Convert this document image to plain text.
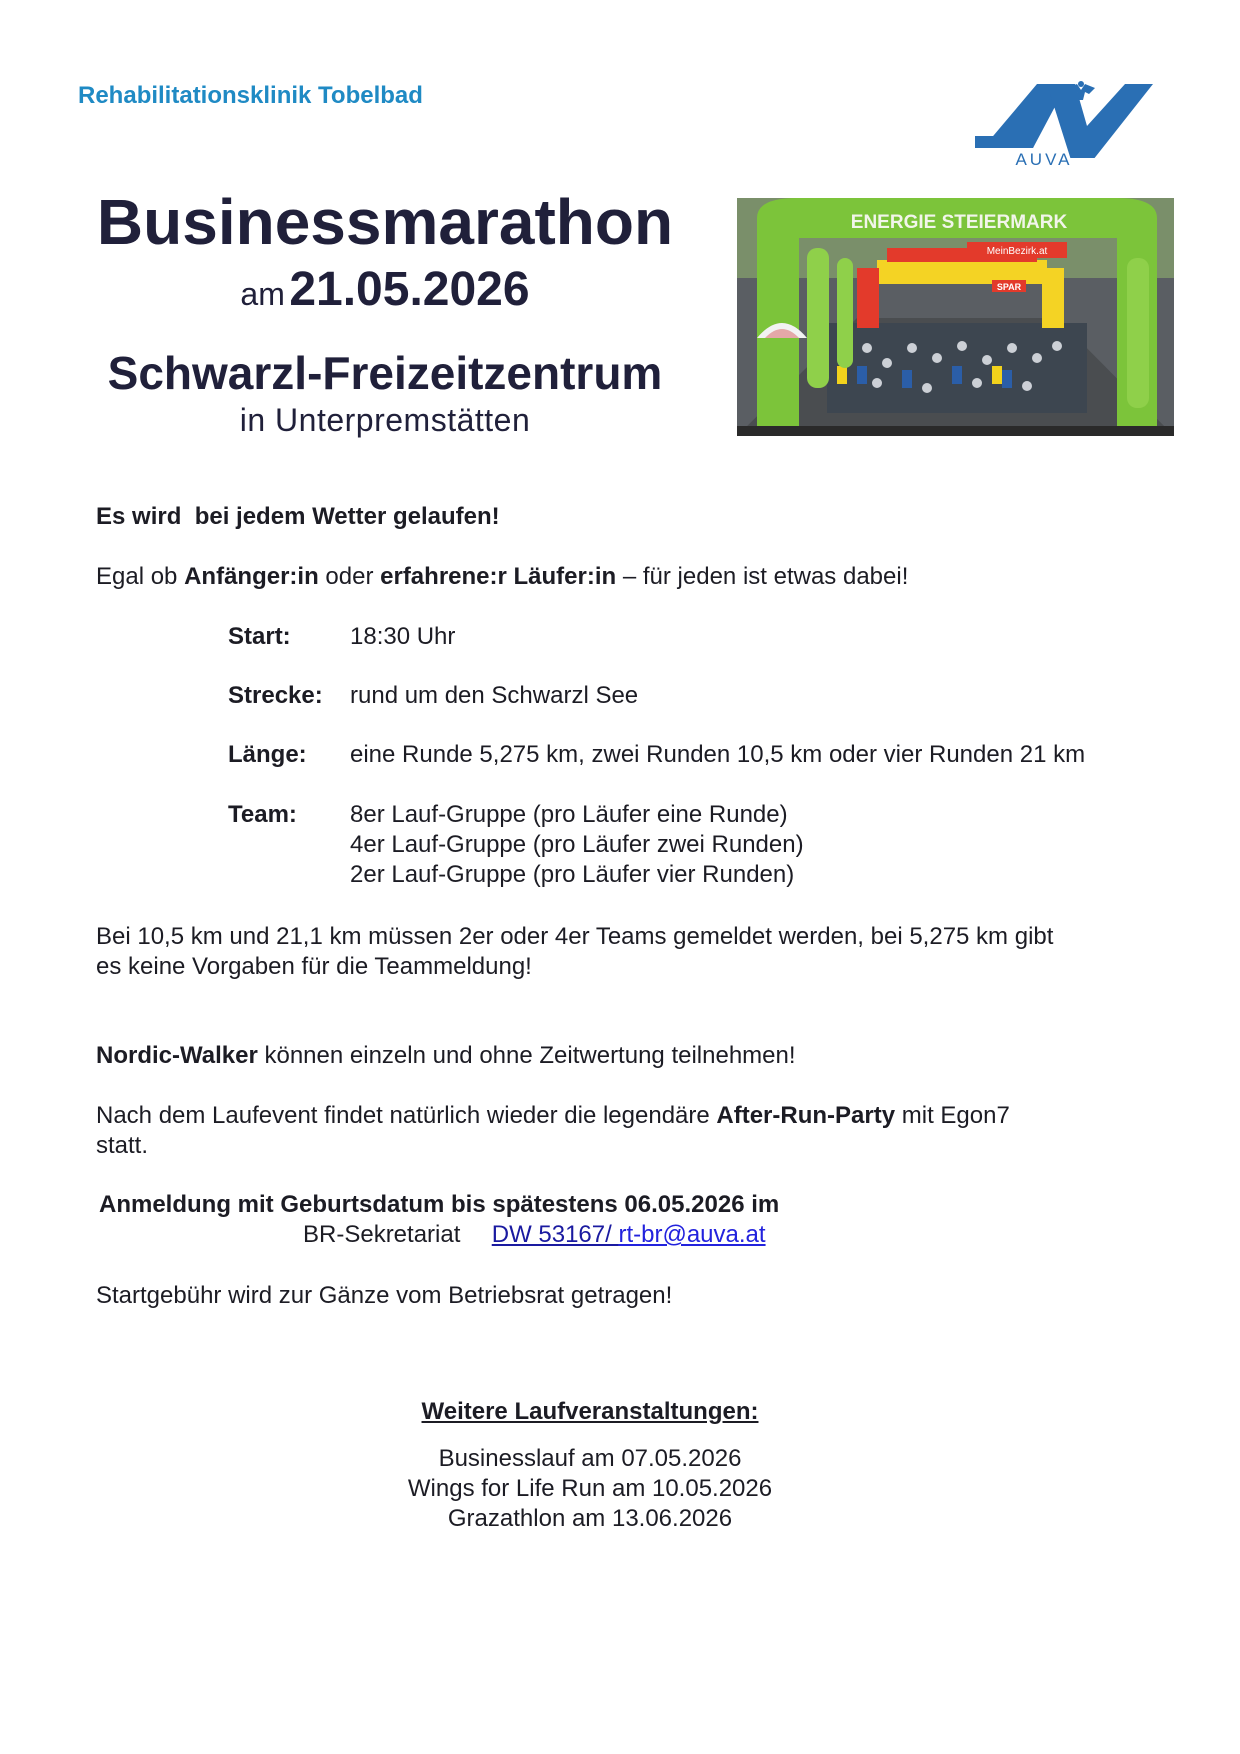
Rehabilitationsklinik Tobelbad
AUVA
Businessmarathon
am 21.05.2026
Schwarzl-Freizeitzentrum
in Unterpremstätten
ENERGIE STEIERMARK
MeinBezirk.at
SPAR
Es wird  bei jedem Wetter gelaufen!
Egal ob Anfänger:in oder erfahrene:r Läufer:in – für jeden ist etwas dabei!
Start: 18:30 Uhr
Strecke: rund um den Schwarzl See
Länge: eine Runde 5,275 km, zwei Runden 10,5 km oder vier Runden 21 km
Team: 8er Lauf-Gruppe (pro Läufer eine Runde)
4er Lauf-Gruppe (pro Läufer zwei Runden)
2er Lauf-Gruppe (pro Läufer vier Runden)
Bei 10,5 km und 21,1 km müssen 2er oder 4er Teams gemeldet werden, bei 5,275 km gibt
es keine Vorgaben für die Teammeldung!
Nordic-Walker können einzeln und ohne Zeitwertung teilnehmen!
Nach dem Laufevent findet natürlich wieder die legendäre After-Run-Party mit Egon7
statt.
Anmeldung mit Geburtsdatum bis spätestens 06.05.2026 im
BR-Sekretariat DW 53167/ rt-br@auva.at
Startgebühr wird zur Gänze vom Betriebsrat getragen!
Weitere Laufveranstaltungen:
Businesslauf am 07.05.2026
Wings for Life Run am 10.05.2026
Grazathlon am 13.06.2026
